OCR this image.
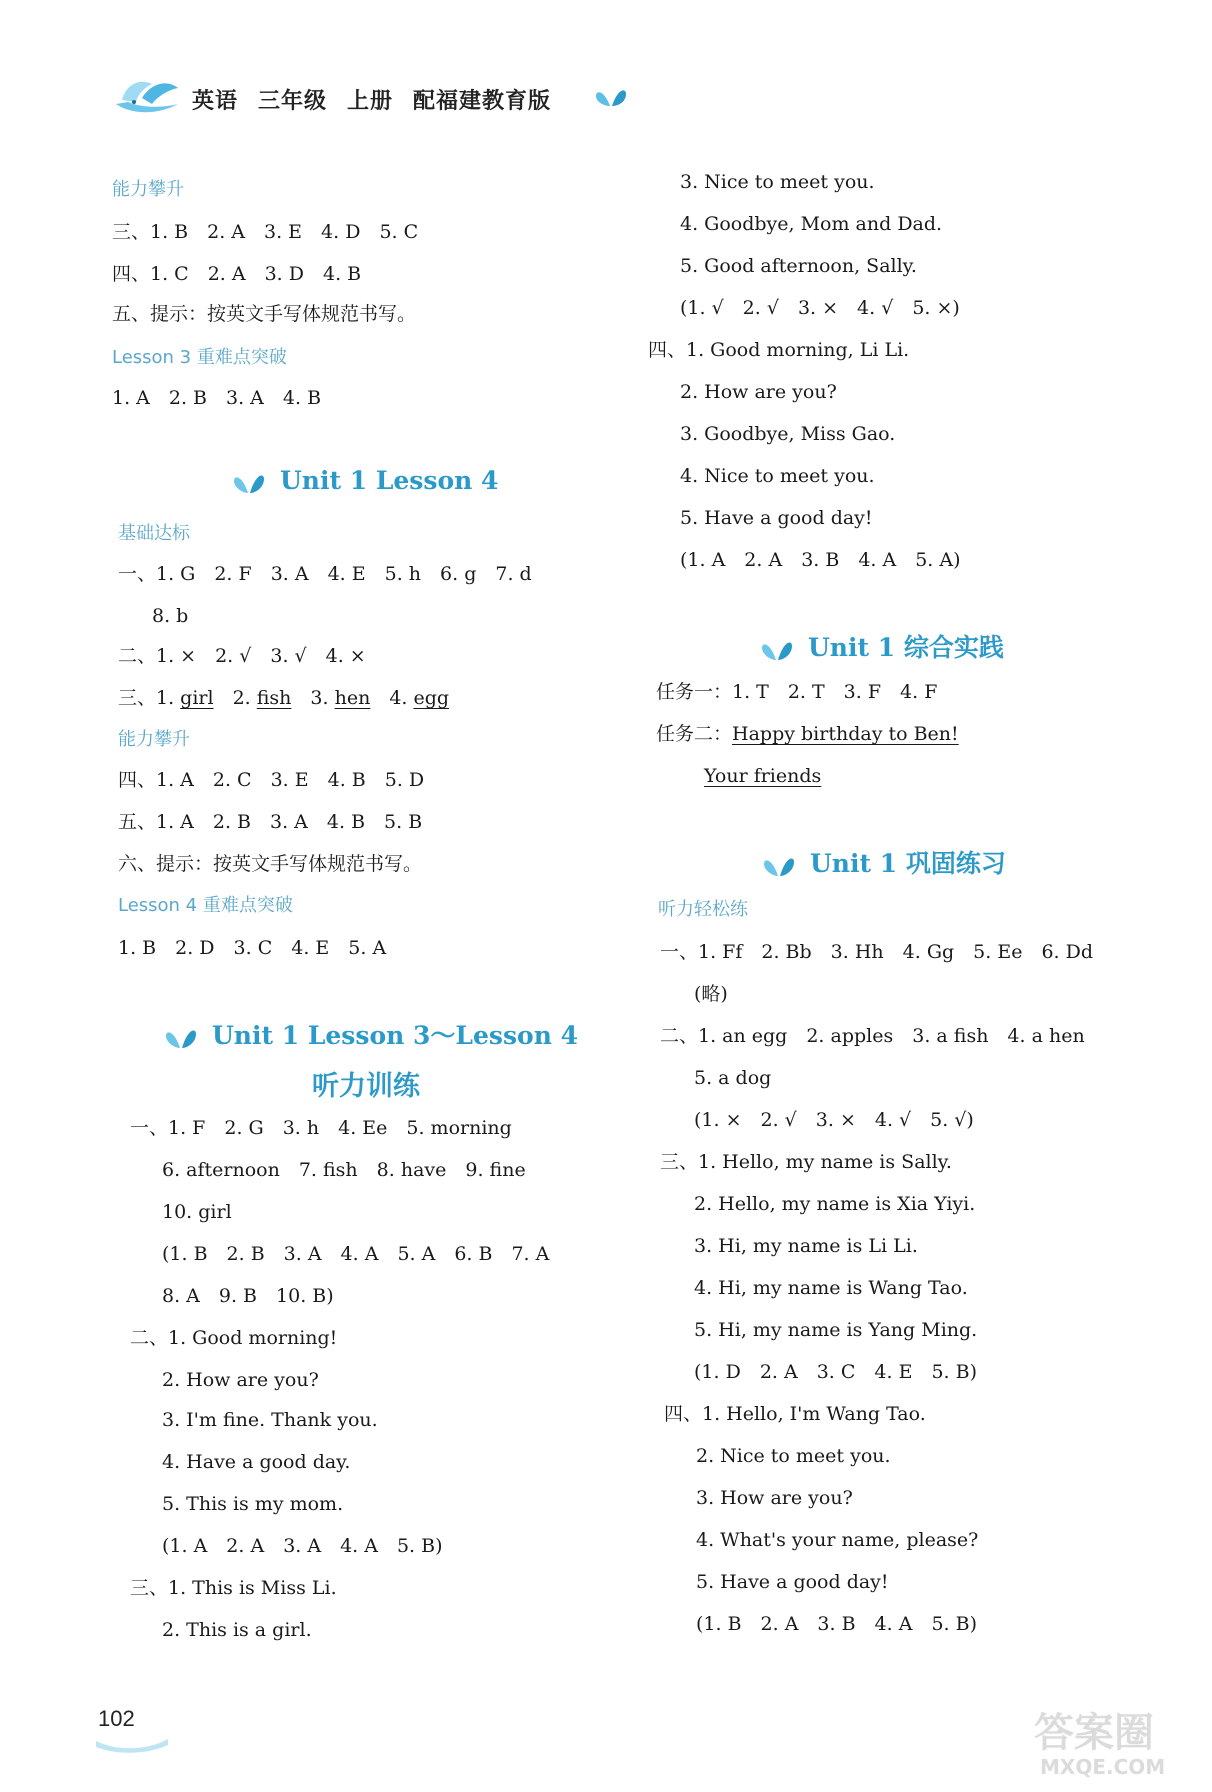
英语 三年级 上册 配福建教育版
能力攀升
三、1. B　2. A　3. E　4. D　5. C
四、1. C　2. A　3. D　4. B
五、提示：按英文手写体规范书写。
Lesson 3 重难点突破
1. A　2. B　3. A　4. B
Unit 1 Lesson 4
基础达标
一、1. G　2. F　3. A　4. E　5. h　6. g　7. d
8. b
二、1. ×　2. √　3. √　4. ×
三、1. girl　2. fish　3. hen　4. egg
能力攀升
四、1. A　2. C　3. E　4. B　5. D
五、1. A　2. B　3. A　4. B　5. B
六、提示：按英文手写体规范书写。
Lesson 4 重难点突破
1. B　2. D　3. C　4. E　5. A
Unit 1 Lesson 3～Lesson 4
听力训练
一、1. F　2. G　3. h　4. Ee　5. morning
6. afternoon　7. fish　8. have　9. fine
10. girl
(1. B　2. B　3. A　4. A　5. A　6. B　7. A
8. A　9. B　10. B)
二、1. Good morning!
2. How are you?
3. I'm fine. Thank you.
4. Have a good day.
5. This is my mom.
(1. A　2. A　3. A　4. A　5. B)
三、1. This is Miss Li.
2. This is a girl.
3. Nice to meet you.
4. Goodbye, Mom and Dad.
5. Good afternoon, Sally.
(1. √　2. √　3. ×　4. √　5. ×)
四、1. Good morning, Li Li.
2. How are you?
3. Goodbye, Miss Gao.
4. Nice to meet you.
5. Have a good day!
(1. A　2. A　3. B　4. A　5. A)
Unit 1 综合实践
任务一：1. T　2. T　3. F　4. F
任务二：Happy birthday to Ben!
Your friends
Unit 1 巩固练习
听力轻松练
一、1. Ff　2. Bb　3. Hh　4. Gg　5. Ee　6. Dd
(略)
二、1. an egg　2. apples　3. a fish　4. a hen
5. a dog
(1. ×　2. √　3. ×　4. √　5. √)
三、1. Hello, my name is Sally.
2. Hello, my name is Xia Yiyi.
3. Hi, my name is Li Li.
4. Hi, my name is Wang Tao.
5. Hi, my name is Yang Ming.
(1. D　2. A　3. C　4. E　5. B)
四、1. Hello, I'm Wang Tao.
2. Nice to meet you.
3. How are you?
4. What's your name, please?
5. Have a good day!
(1. B　2. A　3. B　4. A　5. B)
102	答案圈
MXQE.COM
